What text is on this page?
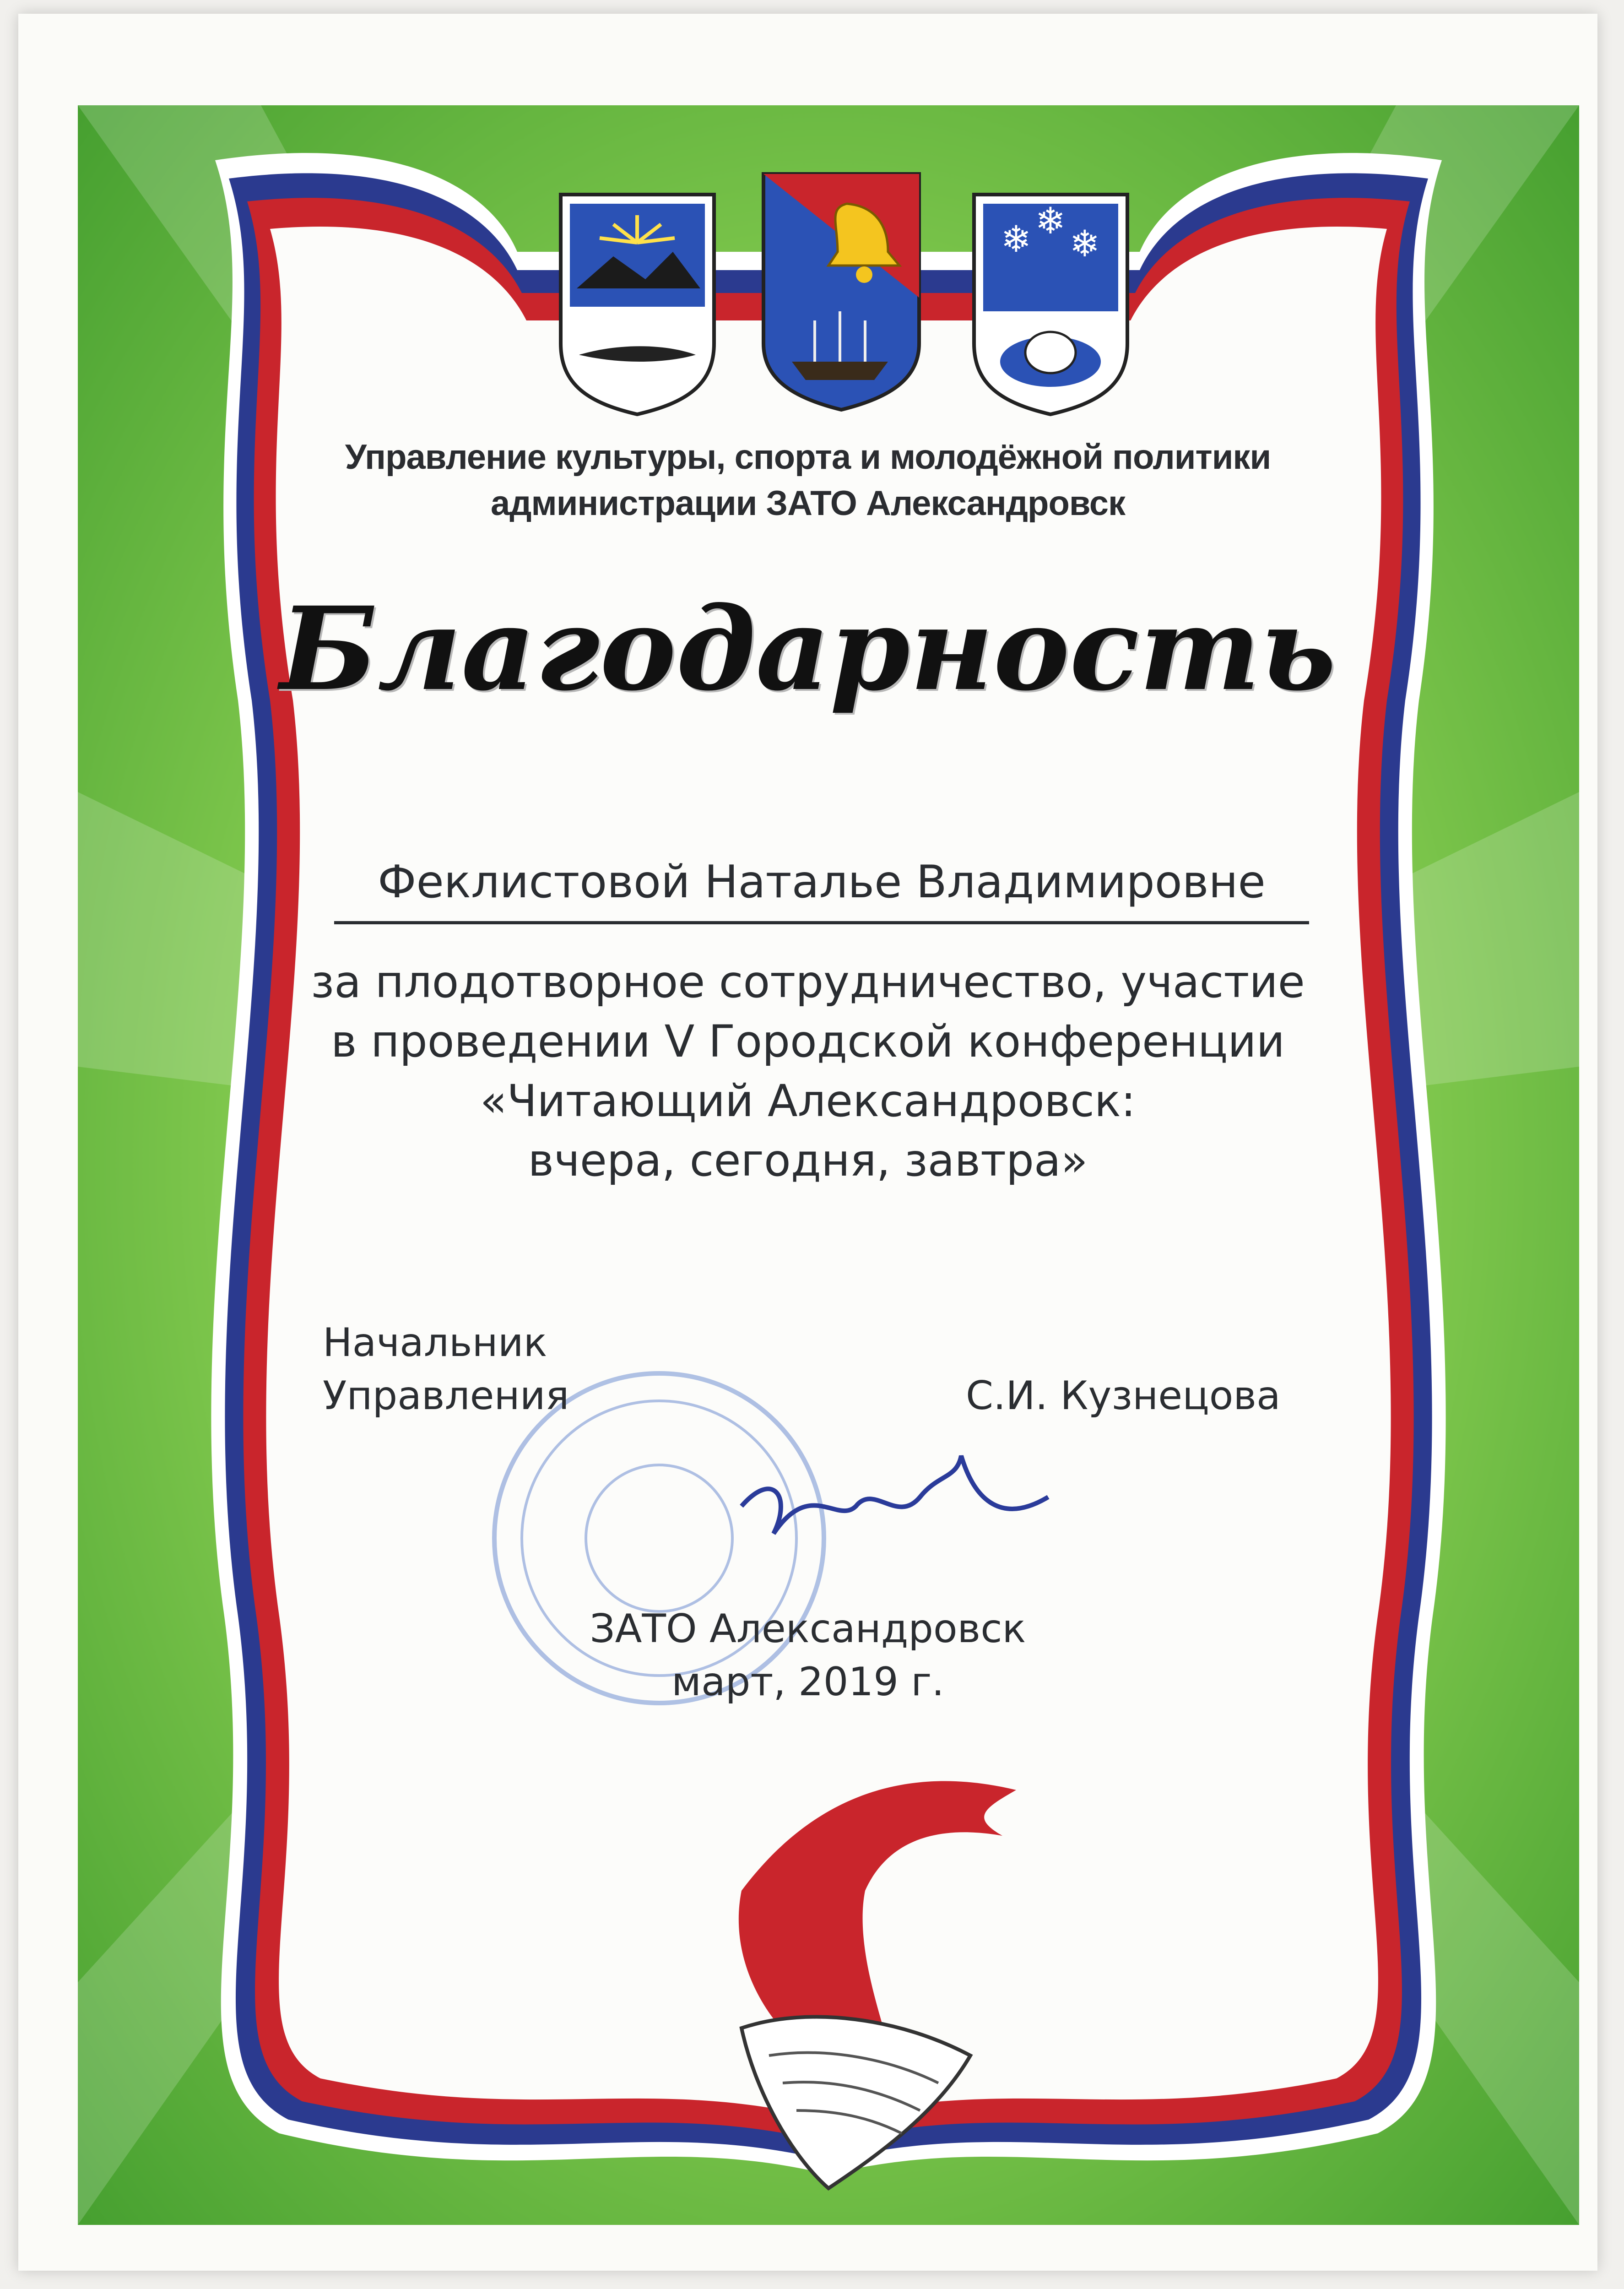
❄ ❄
❄
Управление культуры, спорта и молодёжной политики
администрации ЗАТО Александровск
Благодарность
Феклистовой Наталье Владимировне
за плодотворное сотрудничество, участие
в проведении V Городской конференции
«Читающий Александровск:
вчера, сегодня, завтра»
Начальник
Управления	С.И. Кузнецова
ЗАТО Александровск
март, 2019 г.
